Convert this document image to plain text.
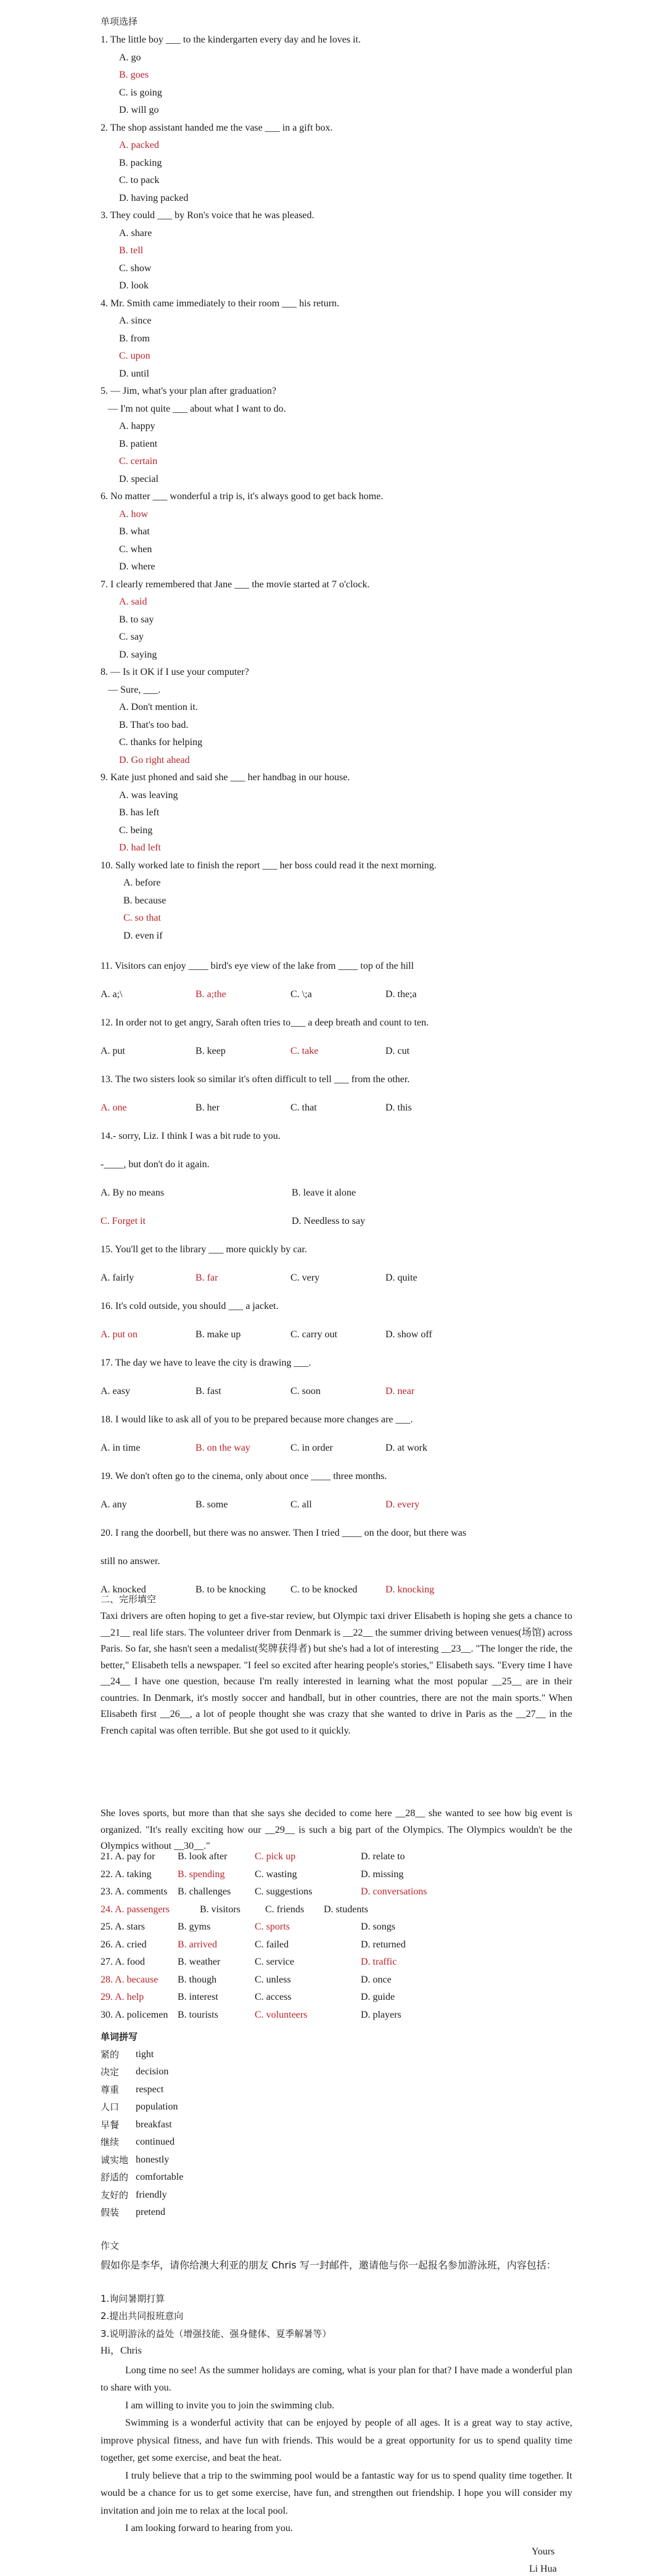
单项选择
1. The little boy ___ to the kindergarten every day and he loves it.
A. go
B. goes
C. is going
D. will go
2. The shop assistant handed me the vase ___ in a gift box.
A. packed
B. packing
C. to pack
D. having packed
3. They could ___ by Ron's voice that he was pleased.
A. share
B. tell
C. show
D. look
4. Mr. Smith came immediately to their room ___ his return.
A. since
B. from
C. upon
D. until
5. — Jim, what's your plan after graduation?
— I'm not quite ___ about what I want to do.
A. happy
B. patient
C. certain
D. special
6. No matter ___ wonderful a trip is, it's always good to get back home.
A. how
B. what
C. when
D. where
7. I clearly remembered that Jane ___ the movie started at 7 o'clock.
A. said
B. to say
C. say
D. saying
8. — Is it OK if I use your computer?
— Sure, ___.
A. Don't mention it.
B. That's too bad.
C. thanks for helping
D. Go right ahead
9. Kate just phoned and said she ___ her handbag in our house.
A. was leaving
B. has left
C. being
D. had left
10. Sally worked late to finish the report ___ her boss could read it the next morning.
A. before
B. because
C. so that
D. even if
11. Visitors can enjoy ____ bird's eye view of the lake from ____ top of the hill
A. a;\	B. a;the	C. \;a	D. the;a
12. In order not to get angry, Sarah often tries to___ a deep breath and count to ten.
A. put	B. keep	C. take	D. cut
13. The two sisters look so similar it's often difficult to tell ___ from the other.
A. one	B. her	C. that	D. this
14.- sorry, Liz. I think I was a bit rude to you.
-____, but don't do it again.
A. By no means	B. leave it alone
C. Forget it	D. Needless to say
15. You'll get to the library ___ more quickly by car.
A. fairly	B. far	C. very	D. quite
16. It's cold outside, you should ___ a jacket.
A. put on	B. make up	C. carry out	D. show off
17. The day we have to leave the city is drawing ___.
A. easy	B. fast	C. soon	D. near
18. I would like to ask all of you to be prepared because more changes are ___.
A. in time	B. on the way	C. in order	D. at work
19. We don't often go to the cinema, only about once ____ three months.
A. any	B. some	C. all	D. every
20. I rang the doorbell, but there was no answer. Then I tried ____ on the door, but there was
still no answer.
A. knocked	B. to be knocking	C. to be knocked	D. knocking
二、完形填空
Taxi drivers are often hoping to get a five-star review, but Olympic taxi driver Elisabeth is hoping she gets a chance to __21__ real life stars. The volunteer driver from Denmark is __22__ the summer driving between venues(场馆) across Paris. So far, she hasn't seen a medalist(奖牌获得者) but she's had a lot of interesting __23__. "The longer the ride, the better," Elisabeth tells a newspaper. "I feel so excited after hearing people's stories," Elisabeth says. "Every time I have __24__ I have one question, because I'm really interested in learning what the most popular __25__ are in their countries. In Denmark, it's mostly soccer and handball, but in other countries, there are not the main sports." When Elisabeth first __26__, a lot of people thought she was crazy that she wanted to drive in Paris as the __27__ in the French capital was often terrible. But she got used to it quickly.
She loves sports, but more than that she says she decided to come here __28__ she wanted to see how big event is organized. "It's really exciting how our __29__ is such a big part of the Olympics. The Olympics wouldn't be the Olympics without __30__."
21. A. pay for B. look after	C. pick up	D. relate to
22. A. taking	B. spending	C. wasting	D. missing
23. A. comments B. challenges C. suggestions	D. conversations
24. A. passengers	B. visitors	C. friends D. students
25. A. stars	B. gyms	C. sports	D. songs
26. A. cried	B. arrived	C. failed	D. returned
27. A. food	B. weather	C. service	D. traffic
28. A. because B. though	C. unless	D. once
29. A. help	B. interest	C. access	D. guide
30. A. policemen B. tourists	C. volunteers	D. players
单词拼写
紧的 tight
决定 decision
尊重 respect
人口 population
早餐 breakfast
继续 continued
诚实地 honestly
舒适的 comfortable
友好的 friendly
假装 pretend
作文
假如你是李华，请你给澳大利亚的朋友 Chris 写一封邮件，邀请他与你一起报名参加游泳班，内容包括：
1.询问暑期打算
2.提出共同报班意向
3.说明游泳的益处（增强技能、强身健体、夏季解暑等）
Hi，Chris
Long time no see! As the summer holidays are coming, what is your plan for that? I have made a wonderful plan to share with you.
I am willing to invite you to join the swimming club.
Swimming is a wonderful activity that can be enjoyed by people of all ages. It is a great way to stay active, improve physical fitness, and have fun with friends. This would be a great opportunity for us to spend quality time together, get some exercise, and beat the heat.
I truly believe that a trip to the swimming pool would be a fantastic way for us to spend quality time together. It would be a chance for us to get some exercise, have fun, and strengthen out friendship. I hope you will consider my invitation and join me to relax at the local pool.
I am looking forward to hearing from you.
Yours
Li Hua
